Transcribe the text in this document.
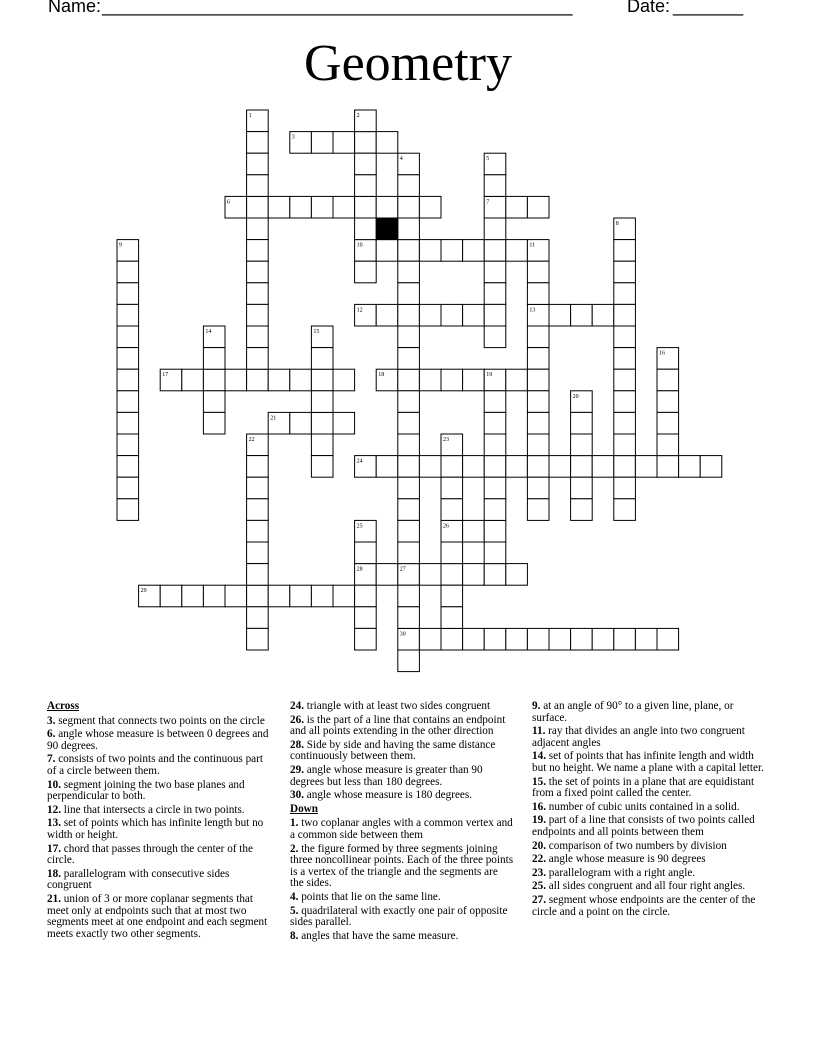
Name: _______________________________________________	Date: _______
Geometry
3
6	7
10
12	13
17	18
21
24
26
28
29
30
1	2
4	5
8
9	11
14	15
16
19
20
22	23
25
27
Across
3. segment that connects two points on the circle
6. angle whose measure is between 0 degrees and 90 degrees.
7. consists of two points and the continuous part of a circle between them.
10. segment joining the two base planes and perpendicular to both.
12. line that intersects a circle in two points.
13. set of points which has infinite length but no width or height.
17. chord that passes through the center of the circle.
18. parallelogram with consecutive sides congruent
21. union of 3 or more coplanar segments that meet only at endpoints such that at most two segments meet at one endpoint and each segment meets exactly two other segments.
24. triangle with at least two sides congruent
26. is the part of a line that contains an endpoint and all points extending in the other direction
28. Side by side and having the same distance continuously between them.
29. angle whose measure is greater than 90 degrees but less than 180 degrees.
30. angle whose measure is 180 degrees.
Down
1. two coplanar angles with a common vertex and a common side between them
2. the figure formed by three segments joining three noncollinear points. Each of the three points is a vertex of the triangle and the segments are the sides.
4. points that lie on the same line.
5. quadrilateral with exactly one pair of opposite sides parallel.
8. angles that have the same measure.
9. at an angle of 90° to a given line, plane, or surface.
11. ray that divides an angle into two congruent adjacent angles
14. set of points that has infinite length and width but no height. We name a plane with a capital letter.
15. the set of points in a plane that are equidistant from a fixed point called the center.
16. number of cubic units contained in a solid.
19. part of a line that consists of two points called endpoints and all points between them
20. comparison of two numbers by division
22. angle whose measure is 90 degrees
23. parallelogram with a right angle.
25. all sides congruent and all four right angles.
27. segment whose endpoints are the center of the circle and a point on the circle.
